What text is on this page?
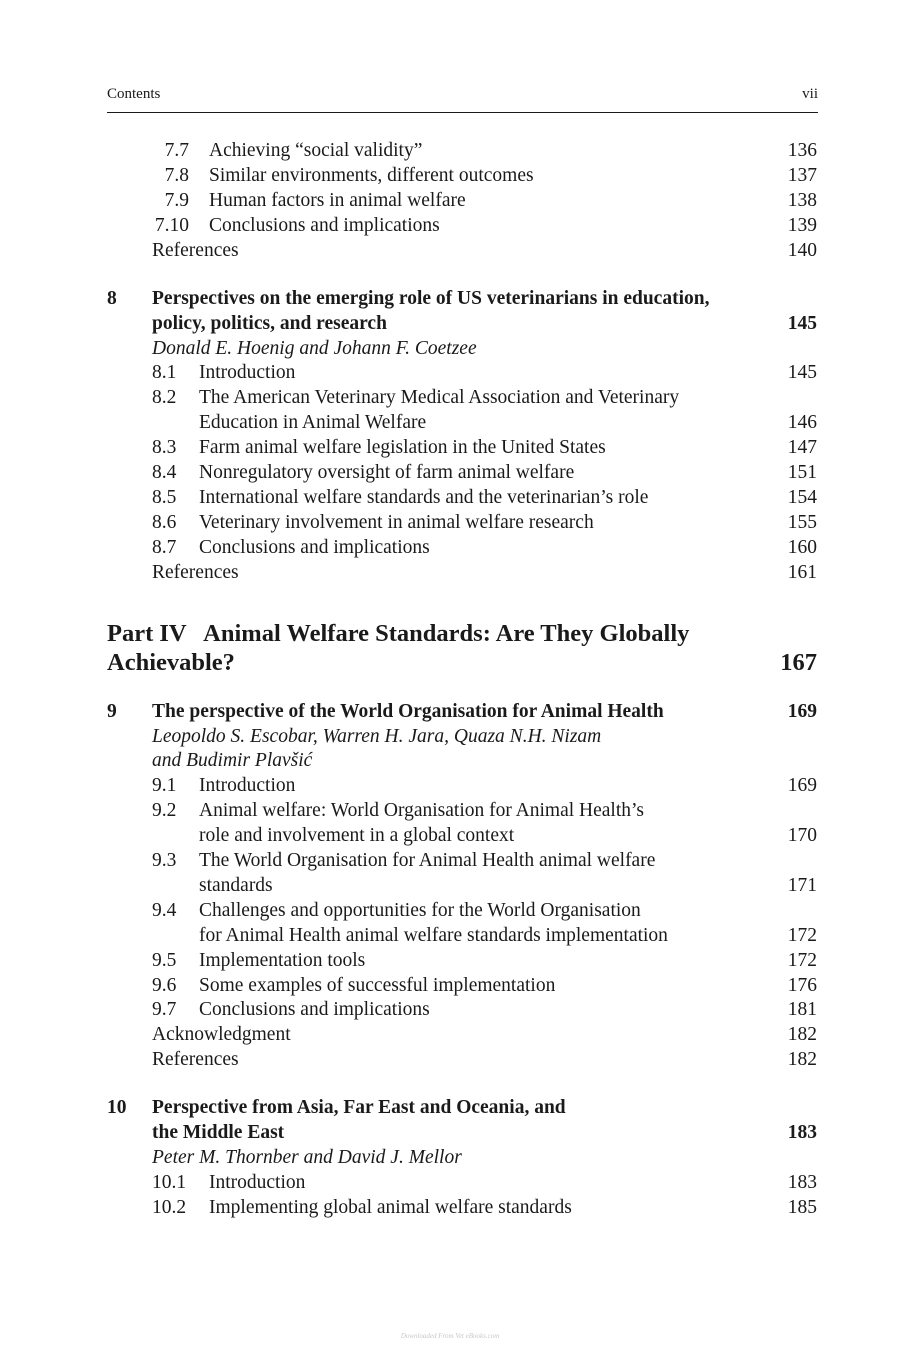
Contents	vii
7.7 Achieving “social validity”	136
7.8 Similar environments, different outcomes	137
7.9 Human factors in animal welfare	138
7.10 Conclusions and implications	139
References	140
8 Perspectives on the emerging role of US veterinarians in education,
policy, politics, and research	145
Donald E. Hoenig and Johann F. Coetzee
8.1 Introduction	145
8.2 The American Veterinary Medical Association and Veterinary
Education in Animal Welfare	146
8.3 Farm animal welfare legislation in the United States	147
8.4 Nonregulatory oversight of farm animal welfare	151
8.5 International welfare standards and the veterinarian’s role	154
8.6 Veterinary involvement in animal welfare research	155
8.7 Conclusions and implications	160
References	161
Part IV   Animal Welfare Standards: Are They Globally
Achievable?	167
9 The perspective of the World Organisation for Animal Health	169
Leopoldo S. Escobar, Warren H. Jara, Quaza N.H. Nizam
and Budimir Plavšić
9.1 Introduction	169
9.2 Animal welfare: World Organisation for Animal Health’s
role and involvement in a global context	170
9.3 The World Organisation for Animal Health animal welfare
standards	171
9.4 Challenges and opportunities for the World Organisation
for Animal Health animal welfare standards implementation	172
9.5 Implementation tools	172
9.6 Some examples of successful implementation	176
9.7 Conclusions and implications	181
Acknowledgment	182
References	182
10 Perspective from Asia, Far East and Oceania, and
the Middle East	183
Peter M. Thornber and David J. Mellor
10.1 Introduction	183
10.2 Implementing global animal welfare standards	185
Downloaded From Vet eBooks.com
